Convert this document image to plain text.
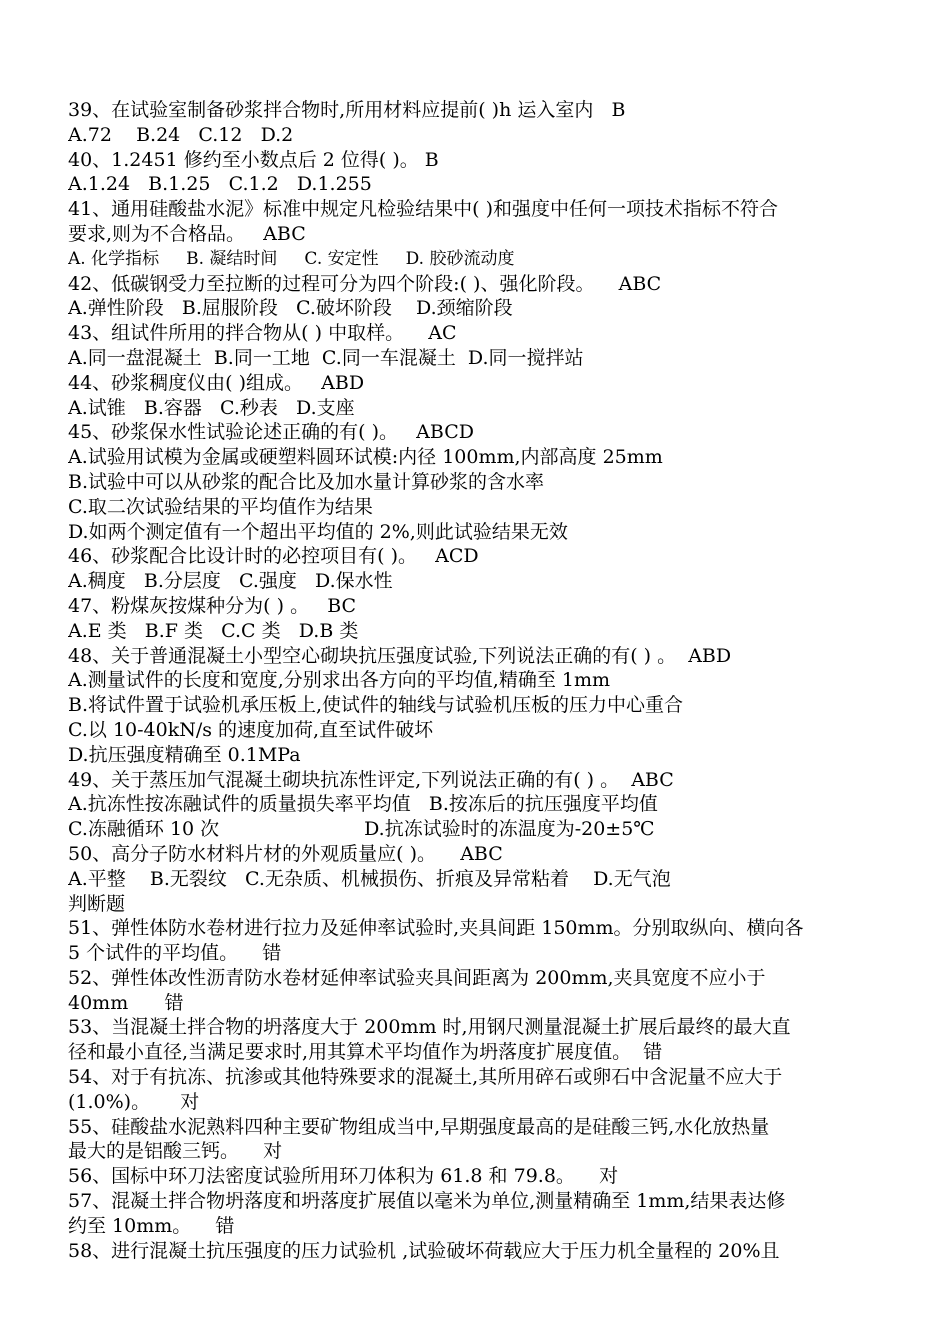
39、在试验室制备砂浆拌合物时,所用材料应提前( )h 运入室内   B
A.72    B.24   C.12   D.2
40、1.2451 修约至小数点后 2 位得( )。 B
A.1.24   B.1.25   C.1.2   D.1.255
41、通用硅酸盐水泥》标准中规定凡检验结果中( )和强度中任何一项技术指标不符合
要求,则为不合格品。   ABC
A. 化学指标     B. 凝结时间     C. 安定性     D. 胶砂流动度
42、低碳钢受力至拉断的过程可分为四个阶段:( )、强化阶段。    ABC
A.弹性阶段   B.屈服阶段   C.破坏阶段    D.颈缩阶段
43、组试件所用的拌合物从( ) 中取样。    AC
A.同一盘混凝土  B.同一工地  C.同一车混凝土  D.同一搅拌站
44、砂浆稠度仪由( )组成。   ABD
A.试锥   B.容器   C.秒表   D.支座
45、砂浆保水性试验论述正确的有( )。   ABCD
A.试验用试模为金属或硬塑料圆环试模:内径 100mm,内部高度 25mm
B.试验中可以从砂浆的配合比及加水量计算砂浆的含水率
C.取二次试验结果的平均值作为结果
D.如两个测定值有一个超出平均值的 2%,则此试验结果无效
46、砂浆配合比设计时的必控项目有( )。   ACD
A.稠度   B.分层度   C.强度   D.保水性
47、粉煤灰按煤种分为( ) 。   BC
A.E 类   B.F 类   C.C 类   D.B 类
48、关于普通混凝土小型空心砌块抗压强度试验,下列说法正确的有( ) 。  ABD
A.测量试件的长度和宽度,分别求出各方向的平均值,精确至 1mm
B.将试件置于试验机承压板上,使试件的轴线与试验机压板的压力中心重合
C.以 10-40kN/s 的速度加荷,直至试件破坏
D.抗压强度精确至 0.1MPa
49、关于蒸压加气混凝土砌块抗冻性评定,下列说法正确的有( ) 。  ABC
A.抗冻性按冻融试件的质量损失率平均值   B.按冻后的抗压强度平均值
C.冻融循环 10 次                        D.抗冻试验时的冻温度为-20±5℃
50、高分子防水材料片材的外观质量应( )。    ABC
A.平整    B.无裂纹   C.无杂质、机械损伤、折痕及异常粘着    D.无气泡
判断题
51、弹性体防水卷材进行拉力及延伸率试验时,夹具间距 150mm。分别取纵向、横向各
5 个试件的平均值。    错
52、弹性体改性沥青防水卷材延伸率试验夹具间距离为 200mm,夹具宽度不应小于
40mm      错
53、当混凝土拌合物的坍落度大于 200mm 时,用钢尺测量混凝土扩展后最终的最大直
径和最小直径,当满足要求时,用其算术平均值作为坍落度扩展度值。  错
54、对于有抗冻、抗渗或其他特殊要求的混凝土,其所用碎石或卵石中含泥量不应大于
(1.0%)。     对
55、硅酸盐水泥熟料四种主要矿物组成当中,早期强度最高的是硅酸三钙,水化放热量
最大的是铝酸三钙。    对
56、国标中环刀法密度试验所用环刀体积为 61.8 和 79.8。    对
57、混凝土拌合物坍落度和坍落度扩展值以毫米为单位,测量精确至 1mm,结果表达修
约至 10mm。    错
58、进行混凝土抗压强度的压力试验机 ,试验破坏荷载应大于压力机全量程的 20%且
